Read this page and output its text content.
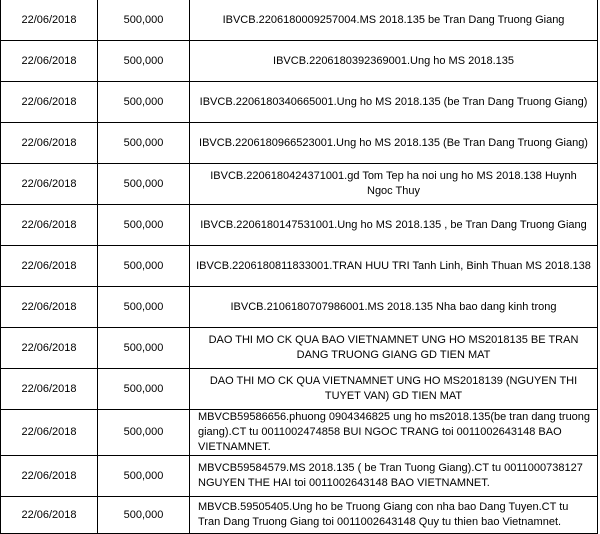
22/06/2018	500,000	IBVCB.2206180009257004.MS 2018.135 be Tran Dang Truong Giang
22/06/2018	500,000	IBVCB.2206180392369001.Ung ho MS 2018.135
22/06/2018	500,000	IBVCB.2206180340665001.Ung ho MS 2018.135 (be Tran Dang Truong Giang)
22/06/2018	500,000	IBVCB.2206180966523001.Ung ho MS 2018.135 (Be Tran Dang Truong Giang)
22/06/2018	500,000	IBVCB.2206180424371001.gd Tom Tep ha noi ung ho MS 2018.138 Huynh Ngoc Thuy
22/06/2018	500,000	IBVCB.2206180147531001.Ung ho MS 2018.135 , be Tran Dang Truong Giang
22/06/2018	500,000	IBVCB.2206180811833001.TRAN HUU TRI Tanh Linh, Binh Thuan MS 2018.138
22/06/2018	500,000	IBVCB.2106180707986001.MS 2018.135 Nha bao dang kinh trong
22/06/2018	500,000	DAO THI MO CK QUA BAO VIETNAMNET UNG HO MS2018135 BE TRAN DANG TRUONG GIANG GD TIEN MAT
22/06/2018	500,000	DAO THI MO CK QUA VIETNAMNET UNG HO MS2018139 (NGUYEN THI TUYET VAN) GD TIEN MAT
22/06/2018	500,000	MBVCB59586656.phuong 0904346825 ung ho ms2018.135(be tran dang truong giang).CT tu 0011002474858 BUI NGOC TRANG toi 0011002643148 BAO VIETNAMNET.
22/06/2018	500,000	MBVCB59584579.MS 2018.135 ( be Tran Tuong Giang).CT tu 0011000738127 NGUYEN THE HAI toi 0011002643148 BAO VIETNAMNET.
22/06/2018	500,000	MBVCB.59505405.Ung ho be Truong Giang con nha bao Dang Tuyen.CT tu Tran Dang Truong Giang toi 0011002643148 Quy tu thien bao Vietnamnet.
